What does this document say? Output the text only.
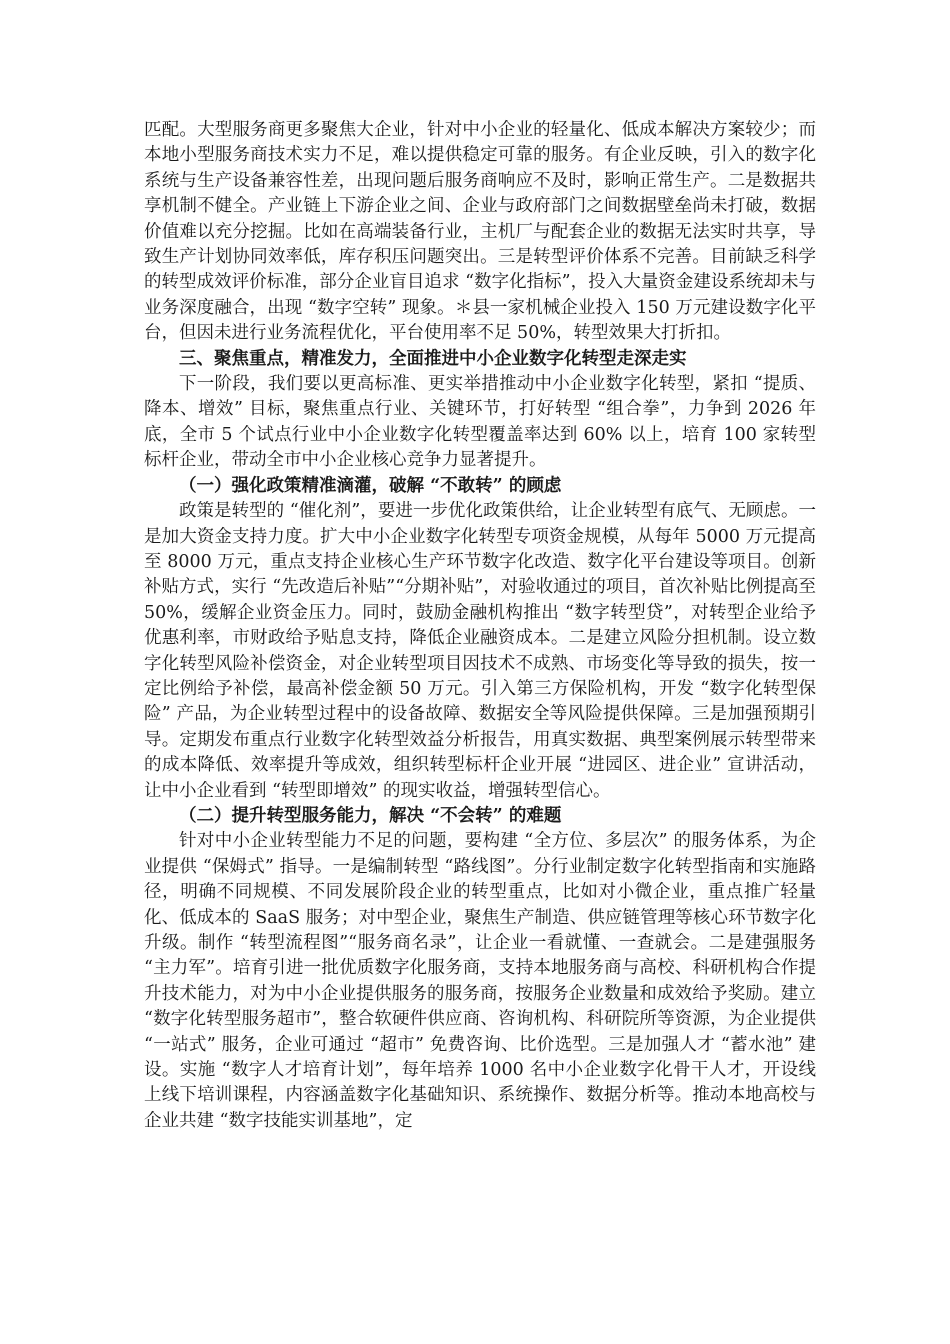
匹配。大型服务商更多聚焦大企业，针对中小企业的轻量化、低成本解决方案较少；而本地小型服务商技术实力不足，难以提供稳定可靠的服务。有企业反映，引入的数字化系统与生产设备兼容性差，出现问题后服务商响应不及时，影响正常生产。二是数据共享机制不健全。产业链上下游企业之间、企业与政府部门之间数据壁垒尚未打破，数据价值难以充分挖掘。比如在高端装备行业，主机厂与配套企业的数据无法实时共享，导致生产计划协同效率低，库存积压问题突出。三是转型评价体系不完善。目前缺乏科学的转型成效评价标准，部分企业盲目追求 “数字化指标”，投入大量资金建设系统却未与业务深度融合，出现 “数字空转” 现象。＊县一家机械企业投入 150 万元建设数字化平台，但因未进行业务流程优化，平台使用率不足 50%，转型效果大打折扣。

三、聚焦重点，精准发力，全面推进中小企业数字化转型走深走实

下一阶段，我们要以更高标准、更实举措推动中小企业数字化转型，紧扣 “提质、降本、增效” 目标，聚焦重点行业、关键环节，打好转型 “组合拳”，力争到 2026 年底，全市 5 个试点行业中小企业数字化转型覆盖率达到 60% 以上，培育 100 家转型标杆企业，带动全市中小企业核心竞争力显著提升。

（一）强化政策精准滴灌，破解 “不敢转” 的顾虑

政策是转型的 “催化剂”，要进一步优化政策供给，让企业转型有底气、无顾虑。一是加大资金支持力度。扩大中小企业数字化转型专项资金规模，从每年 5000 万元提高至 8000 万元，重点支持企业核心生产环节数字化改造、数字化平台建设等项目。创新补贴方式，实行 “先改造后补贴”“分期补贴”，对验收通过的项目，首次补贴比例提高至 50%，缓解企业资金压力。同时，鼓励金融机构推出 “数字转型贷”，对转型企业给予优惠利率，市财政给予贴息支持，降低企业融资成本。二是建立风险分担机制。设立数字化转型风险补偿资金，对企业转型项目因技术不成熟、市场变化等导致的损失，按一定比例给予补偿，最高补偿金额 50 万元。引入第三方保险机构，开发 “数字化转型保险” 产品，为企业转型过程中的设备故障、数据安全等风险提供保障。三是加强预期引导。定期发布重点行业数字化转型效益分析报告，用真实数据、典型案例展示转型带来的成本降低、效率提升等成效，组织转型标杆企业开展 “进园区、进企业” 宣讲活动，让中小企业看到 “转型即增效” 的现实收益，增强转型信心。

（二）提升转型服务能力，解决 “不会转” 的难题

针对中小企业转型能力不足的问题，要构建 “全方位、多层次” 的服务体系，为企业提供 “保姆式” 指导。一是编制转型 “路线图”。分行业制定数字化转型指南和实施路径，明确不同规模、不同发展阶段企业的转型重点，比如对小微企业，重点推广轻量化、低成本的 SaaS 服务；对中型企业，聚焦生产制造、供应链管理等核心环节数字化升级。制作 “转型流程图”“服务商名录”，让企业一看就懂、一查就会。二是建强服务 “主力军”。培育引进一批优质数字化服务商，支持本地服务商与高校、科研机构合作提升技术能力，对为中小企业提供服务的服务商，按服务企业数量和成效给予奖励。建立 “数字化转型服务超市”，整合软硬件供应商、咨询机构、科研院所等资源，为企业提供 “一站式” 服务，企业可通过 “超市” 免费咨询、比价选型。三是加强人才 “蓄水池” 建设。实施 “数字人才培育计划”，每年培养 1000 名中小企业数字化骨干人才，开设线上线下培训课程，内容涵盖数字化基础知识、系统操作、数据分析等。推动本地高校与企业共建 “数字技能实训基地”，定
